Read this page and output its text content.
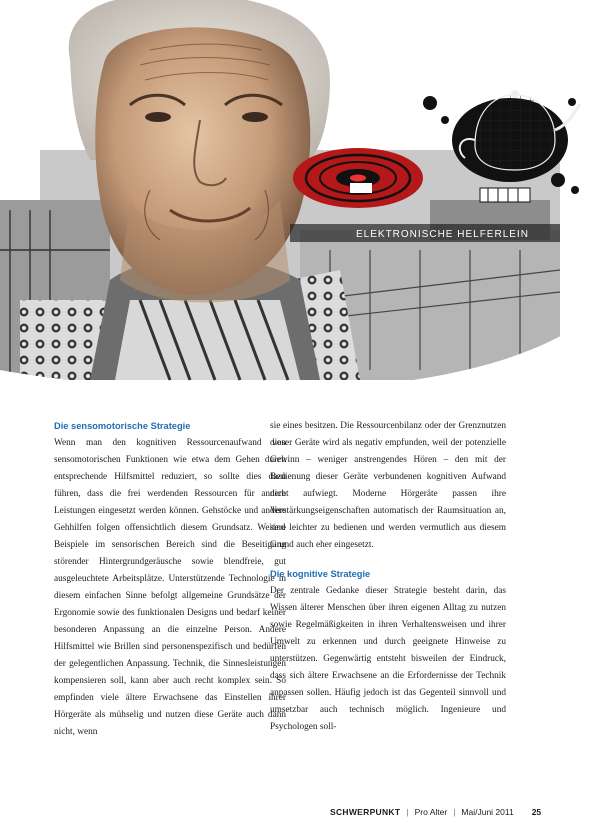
ELEKTRONISCHE HELFERLEIN
Die sensomotorische Strategie

Wenn man den kognitiven Ressourcenaufwand von sensomotorischen Funktionen wie etwa dem Gehen durch entsprechende Hilfsmittel reduziert, so sollte dies dazu führen, dass die frei werdenden Ressourcen für andere Leistungen eingesetzt werden können. Gehstöcke und andere Gehhilfen folgen offensichtlich diesem Grundsatz. Weitere Beispiele im sensorischen Bereich sind die Beseitigung störender Hintergrundgeräusche sowie blendfreie, gut ausgeleuchtete Arbeitsplätze. Unterstützende Technologie in diesem einfachen Sinne befolgt allgemeine Grundsätze der Ergonomie sowie des funktionalen Designs und bedarf keiner besonderen Anpassung an die einzelne Person. Andere Hilfsmittel wie Brillen sind personenspezifisch und bedürfen der gelegentlichen Anpassung. Technik, die Sinnesleistungen kompensieren soll, kann aber auch recht komplex sein. So empfinden viele ältere Erwachsene das Einstellen ihrer Hörgeräte als mühselig und nutzen diese Geräte auch dann nicht, wenn

sie eines besitzen. Die Ressourcenbilanz oder der Grenznutzen dieser Geräte wird als negativ empfunden, weil der potenzielle Gewinn – weniger anstrengendes Hören – den mit der Bedienung dieser Geräte verbundenen kognitiven Aufwand nicht aufwiegt. Moderne Hörgeräte passen ihre Verstärkungseigenschaften automatisch der Raumsituation an, sind leichter zu bedienen und werden vermutlich aus diesem Grund auch eher eingesetzt.

Die kognitive Strategie

Der zentrale Gedanke dieser Strategie besteht darin, das Wissen älterer Menschen über ihren eigenen Alltag zu nutzen sowie Regelmäßigkeiten in ihren Verhaltensweisen und ihrer Umwelt zu erkennen und durch geeignete Hinweise zu unterstützen. Gegenwärtig entsteht bisweilen der Eindruck, dass sich ältere Erwachsene an die Erfordernisse der Technik anpassen sollen. Häufig jedoch ist das Gegenteil sinnvoll und umsetzbar auch technisch möglich. Ingenieure und Psychologen soll-

SCHWERPUNKT | Pro Alter | Mai/Juni 2011 25
